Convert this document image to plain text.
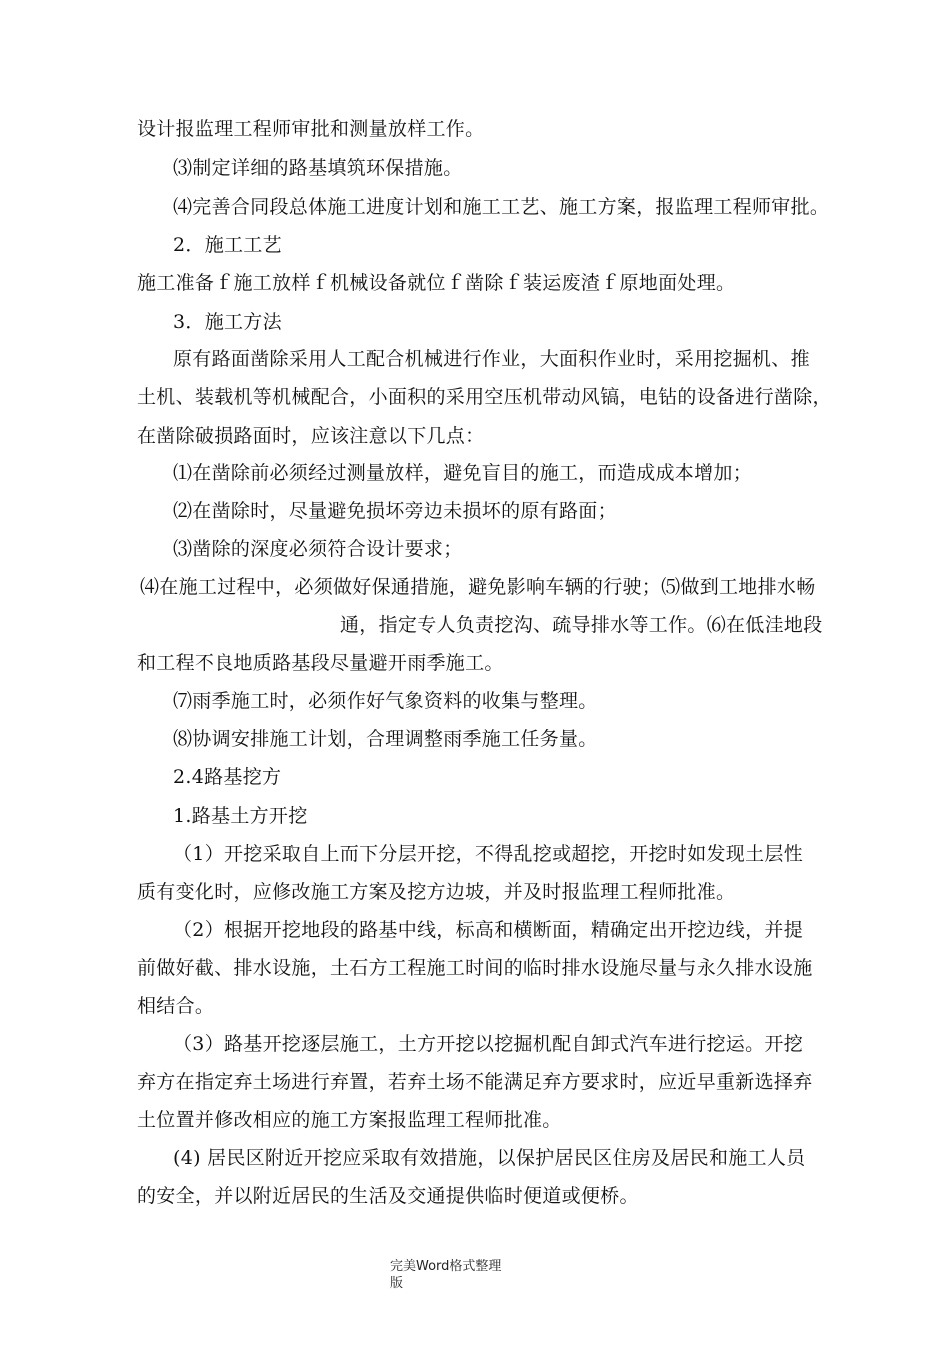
设计报监理工程师审批和测量放样工作。
⑶制定详细的路基填筑环保措施。
⑷完善合同段总体施工进度计划和施工工艺、施工方案，报监理工程师审批。
2．施工工艺
施工准备ｆ施工放样ｆ机械设备就位ｆ凿除ｆ装运废渣ｆ原地面处理。
3．施工方法
原有路面凿除采用人工配合机械进行作业，大面积作业时，采用挖掘机、推
土机、装载机等机械配合，小面积的采用空压机带动风镐，电钻的设备进行凿除，
在凿除破损路面时，应该注意以下几点：
⑴在凿除前必须经过测量放样，避免盲目的施工，而造成成本增加；
⑵在凿除时，尽量避免损坏旁边未损坏的原有路面；
⑶凿除的深度必须符合设计要求；
⑷在施工过程中，必须做好保通措施，避免影响车辆的行驶；⑸做到工地排水畅
通，指定专人负责挖沟、疏导排水等工作。⑹在低洼地段
和工程不良地质路基段尽量避开雨季施工。
⑺雨季施工时，必须作好气象资料的收集与整理。
⑻协调安排施工计划，合理调整雨季施工任务量。
2.4路基挖方
1.路基土方开挖
（1）开挖采取自上而下分层开挖，不得乱挖或超挖，开挖时如发现土层性
质有变化时，应修改施工方案及挖方边坡，并及时报监理工程师批准。
（2）根据开挖地段的路基中线，标高和横断面，精确定出开挖边线，并提
前做好截、排水设施，土石方工程施工时间的临时排水设施尽量与永久排水设施
相结合。
（3）路基开挖逐层施工，土方开挖以挖掘机配自卸式汽车进行挖运。开挖
弃方在指定弃土场进行弃置，若弃土场不能满足弃方要求时，应近早重新选择弃
土位置并修改相应的施工方案报监理工程师批准。
(4) 居民区附近开挖应采取有效措施，以保护居民区住房及居民和施工人员
的安全，并以附近居民的生活及交通提供临时便道或便桥。
完美Word格式整理
版
